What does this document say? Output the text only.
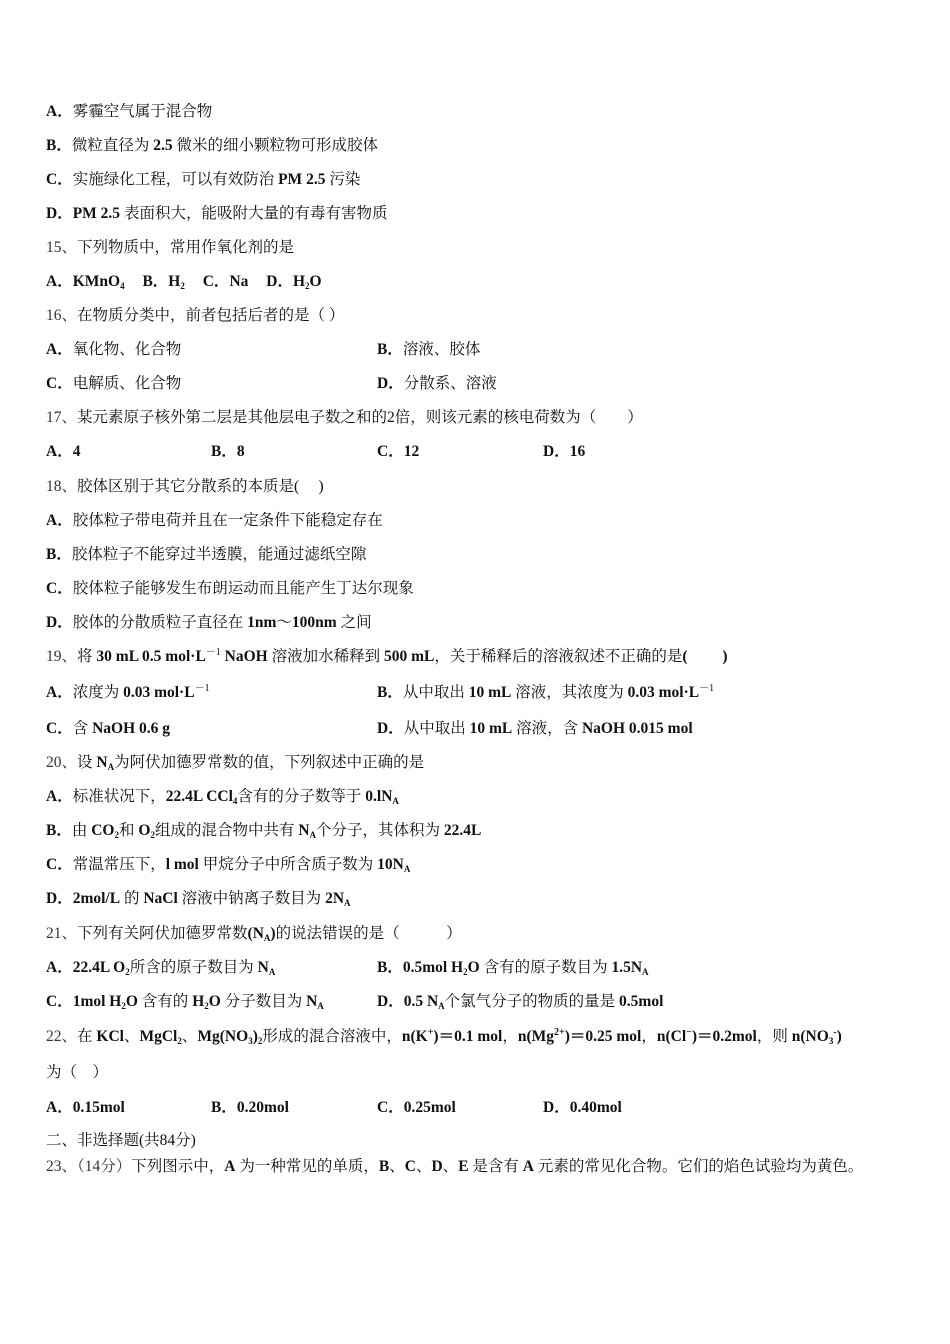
A．雾霾空气属于混合物
B．微粒直径为 2.5 微米的细小颗粒物可形成胶体
C．实施绿化工程，可以有效防治 PM 2.5 污染
D．PM 2.5 表面积大，能吸附大量的有毒有害物质
15、下列物质中，常用作氧化剂的是
A．KMnO$_4$ B．$H_2$ C．Na D．$H_2O$
16、在物质分类中，前者包括后者的是（ ）
A．氧化物、化合物	B．溶液、胶体
C．电解质、化合物	D．分散系、溶液
17、某元素原子核外第二层是其他层电子数之和的2倍，则该元素的核电荷数为（　　）
A．4	B．8	C．12	D．16
18、胶体区别于其它分散系的本质是(　 )
A．胶体粒子带电荷并且在一定条件下能稳定存在
B．胶体粒子不能穿过半透膜，能通过滤纸空隙
C．胶体粒子能够发生布朗运动而且能产生丁达尔现象
D．胶体的分散质粒子直径在 1nm～100nm 之间
19、将 30 mL 0.5 $mol\cdot L^{-1}$ NaOH 溶液加水稀释到 500 mL，关于稀释后的溶液叙述不正确的是(　　 )
A．浓度为 0.03 $mol\cdot L^{-1}$	B．从中取出 10 mL 溶液，其浓度为 0.03 $mol\cdot L^{-1}$
C．含 NaOH 0.6 g	D．从中取出 10 mL 溶液，含 NaOH 0.015 mol
20、设 $N_A$为阿伏加德罗常数的值，下列叙述中正确的是
A．标准状况下，22.4L CCl$_4$含有的分子数等于 $0.lN_A$
B．由 $CO_2$和 $O_2$组成的混合物中共有 $N_A$个分子，其体积为 22.4L
C．常温常压下，l mol 甲烷分子中所含质子数为 $10N_A$
D．2mol/L 的 NaCl 溶液中钠离子数目为 $2N_A$
21、下列有关阿伏加德罗常数$(N_A)$的说法错误的是（　　　）
A．22.4L $O_2$所含的原子数目为 $N_A$	B．0.5mol $H_2O$ 含有的原子数目为 $1.5N_A$
C．1mol $H_2O$ 含有的 $H_2O$ 分子数目为 $N_A$	D．0.5 $N_A$个氯气分子的物质的量是 0.5mol
22、在 KCl、MgCl$_2$、$Mg(NO_3)_2$形成的混合溶液中，n(K+)＝0.1 mol，$n(Mg^{2+})=0.25$ mol，n(Cl−)＝0.2mol，则 $n(NO_3^-)$
为（　）
A．0.15mol	B．0.20mol	C．0.25mol	D．0.40mol
二、非选择题(共84分)
23、（14分）下列图示中，A 为一种常见的单质，B、C、D、E 是含有 A 元素的常见化合物。它们的焰色试验均为黄色。
